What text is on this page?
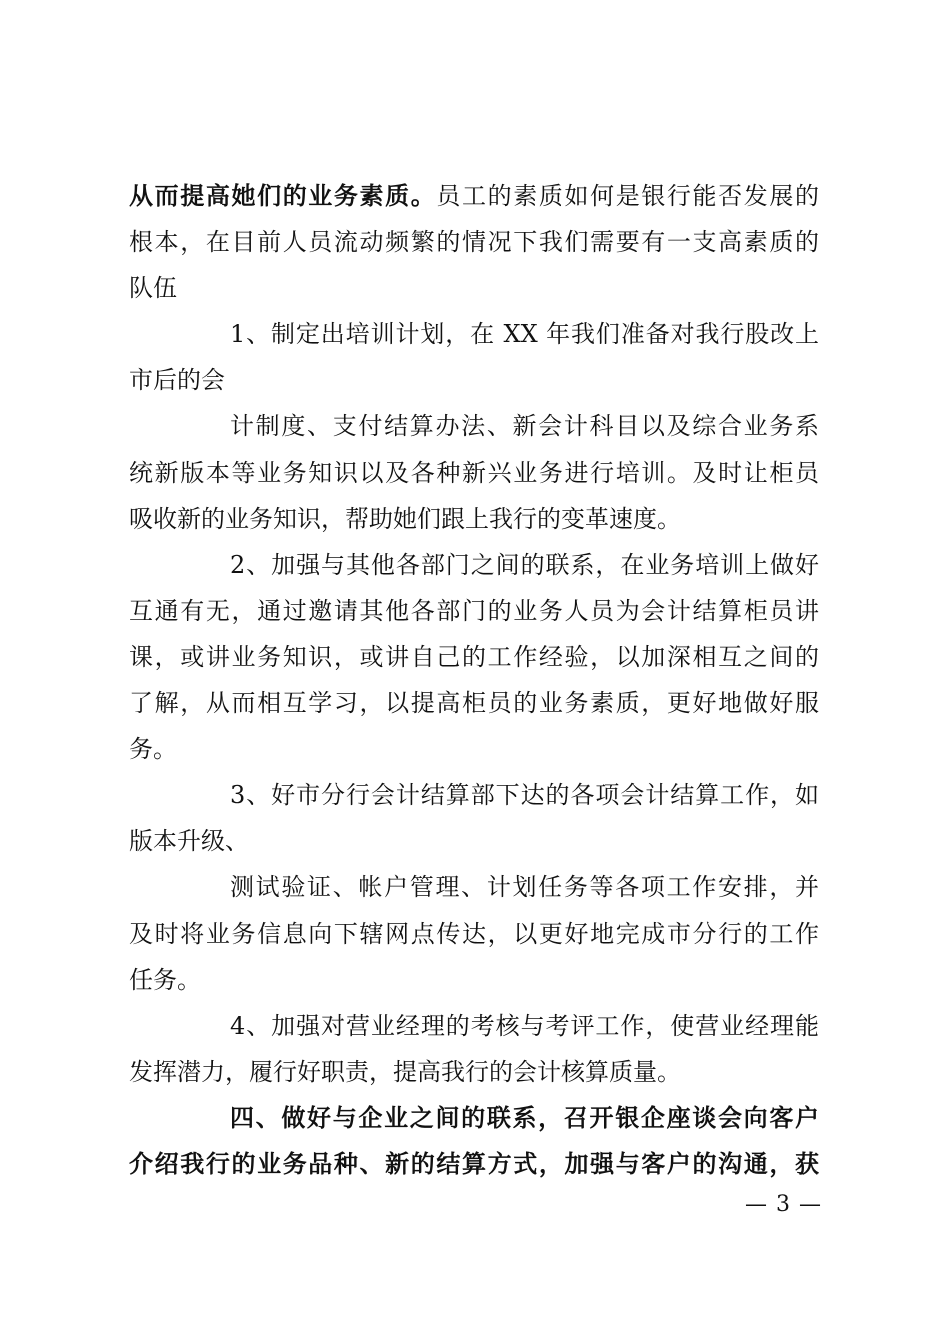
从而提高她们的业务素质。员工的素质如何是银行能否发展的
根本，在目前人员流动频繁的情况下我们需要有一支高素质的
队伍
1、制定出培训计划，在 XX 年我们准备对我行股改上
市后的会
计制度、支付结算办法、新会计科目以及综合业务系
统新版本等业务知识以及各种新兴业务进行培训。及时让柜员
吸收新的业务知识，帮助她们跟上我行的变革速度。
2、加强与其他各部门之间的联系，在业务培训上做好
互通有无，通过邀请其他各部门的业务人员为会计结算柜员讲
课，或讲业务知识，或讲自己的工作经验，以加深相互之间的
了解，从而相互学习，以提高柜员的业务素质，更好地做好服
务。
3、好市分行会计结算部下达的各项会计结算工作，如
版本升级、
测试验证、帐户管理、计划任务等各项工作安排，并
及时将业务信息向下辖网点传达，以更好地完成市分行的工作
任务。
4、加强对营业经理的考核与考评工作，使营业经理能
发挥潜力，履行好职责，提高我行的会计核算质量。
四、做好与企业之间的联系，召开银企座谈会向客户
介绍我行的业务品种、新的结算方式，加强与客户的沟通，获
— 3 —
